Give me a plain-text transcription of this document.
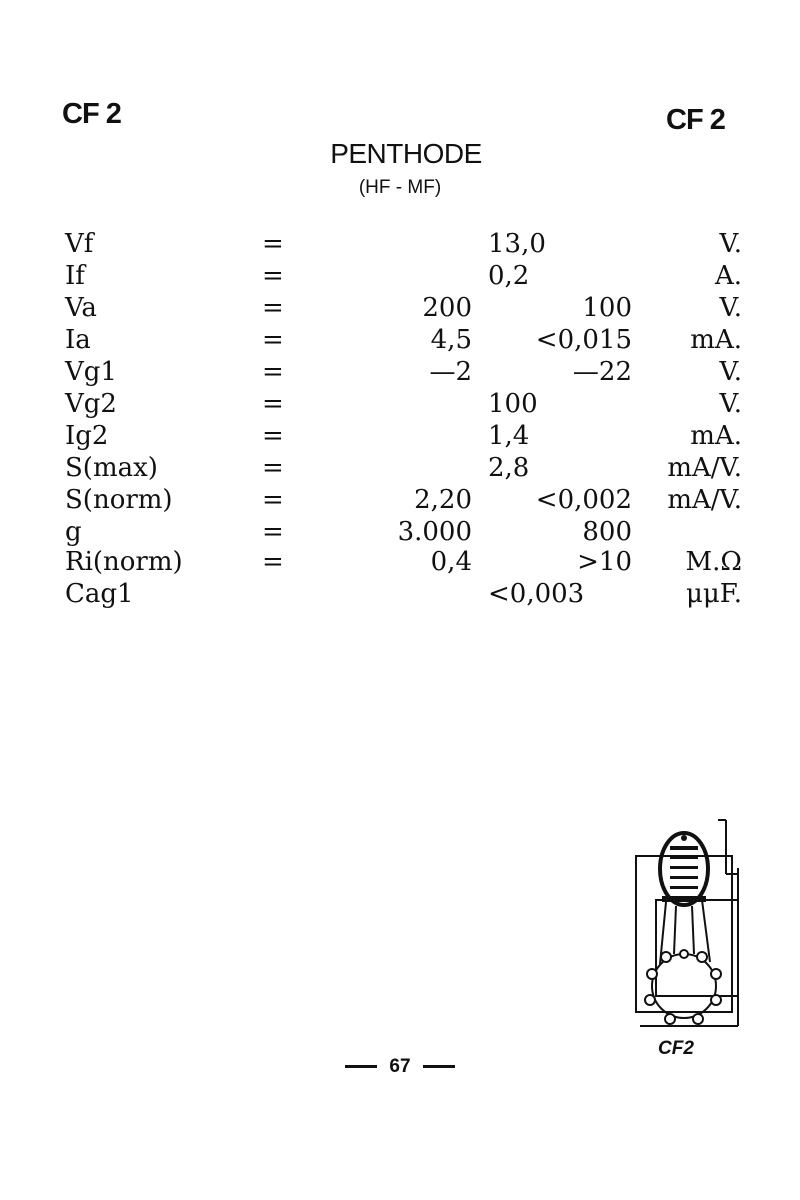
CF 2	CF 2
PENTHODE
(HF - MF)
Vf	=	13,0	V.
If	=	0,2	A.
Va	=	200	100	V.
Ia	=	4,5 <0,015 mA.
Vg1	=	—2	—22	V.
Vg2	=	100	V.
Ig2	=	1,4	mA.
S(max)	=	2,8	mA/V.
S(norm)	=	2,20 <0,002 mA/V.
g	=	3.000	800
Ri(norm)	=	0,4	>10 M.Ω
Cag1	<0,003	μμF.
CF2
67
